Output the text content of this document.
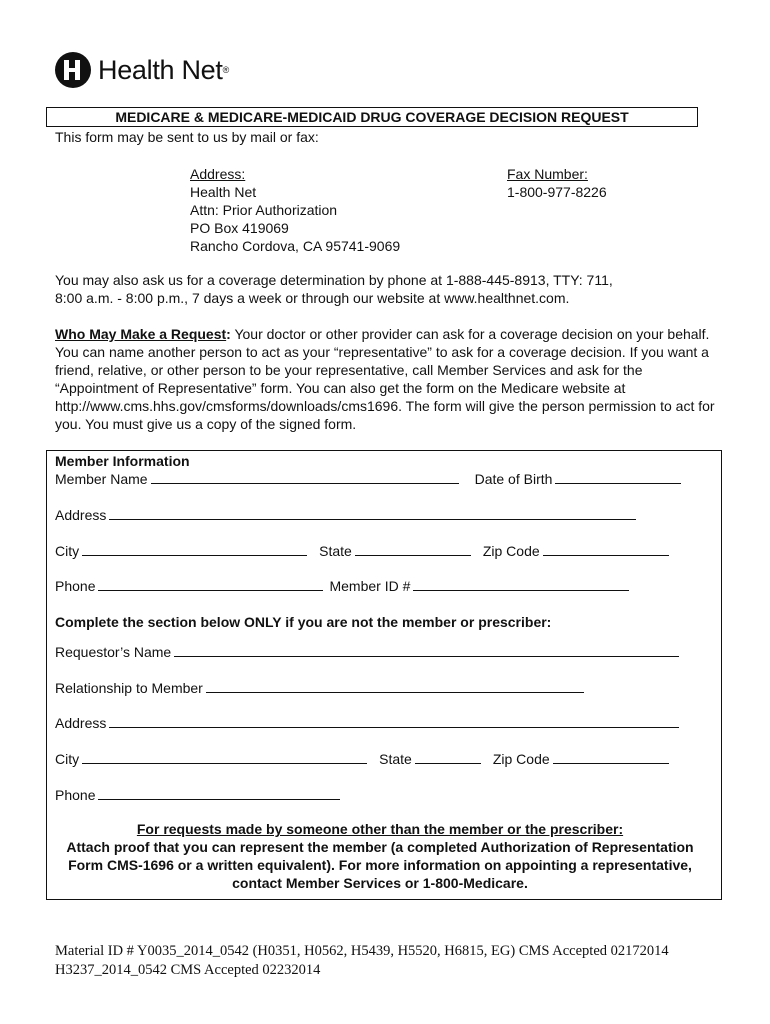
Health Net ®
MEDICARE & MEDICARE-MEDICAID DRUG COVERAGE DECISION REQUEST
This form may be sent to us by mail or fax:
Address:
Health Net
Attn: Prior Authorization
PO Box 419069
Rancho Cordova, CA 95741-9069
Fax Number:
1-800-977-8226
You may also ask us for a coverage determination by phone at 1-888-445-8913, TTY: 711,
8:00 a.m. - 8:00 p.m., 7 days a week or through our website at www.healthnet.com.
Who May Make a Request: Your doctor or other provider can ask for a coverage decision on your behalf. You can name another person to act as your “representative” to ask for a coverage decision. If you want a friend, relative, or other person to be your representative, call Member Services and ask for the “Appointment of Representative” form. You can also get the form on the Medicare website at http://www.cms.hhs.gov/cmsforms/downloads/cms1696. The form will give the person permission to act for you. You must give us a copy of the signed form.
Member Information
Member Name	Date of Birth
Address
City	State	Zip Code
Phone	Member ID #
Complete the section below ONLY if you are not the member or prescriber:
Requestor’s Name
Relationship to Member
Address
City	State	Zip Code
Phone
For requests made by someone other than the member or the prescriber:
Attach proof that you can represent the member (a completed Authorization of Representation Form CMS-1696 or a written equivalent). For more information on appointing a representative, contact Member Services or 1-800-Medicare.
Material ID # Y0035_2014_0542 (H0351, H0562, H5439, H5520, H6815, EG) CMS Accepted 02172014
H3237_2014_0542 CMS Accepted 02232014
